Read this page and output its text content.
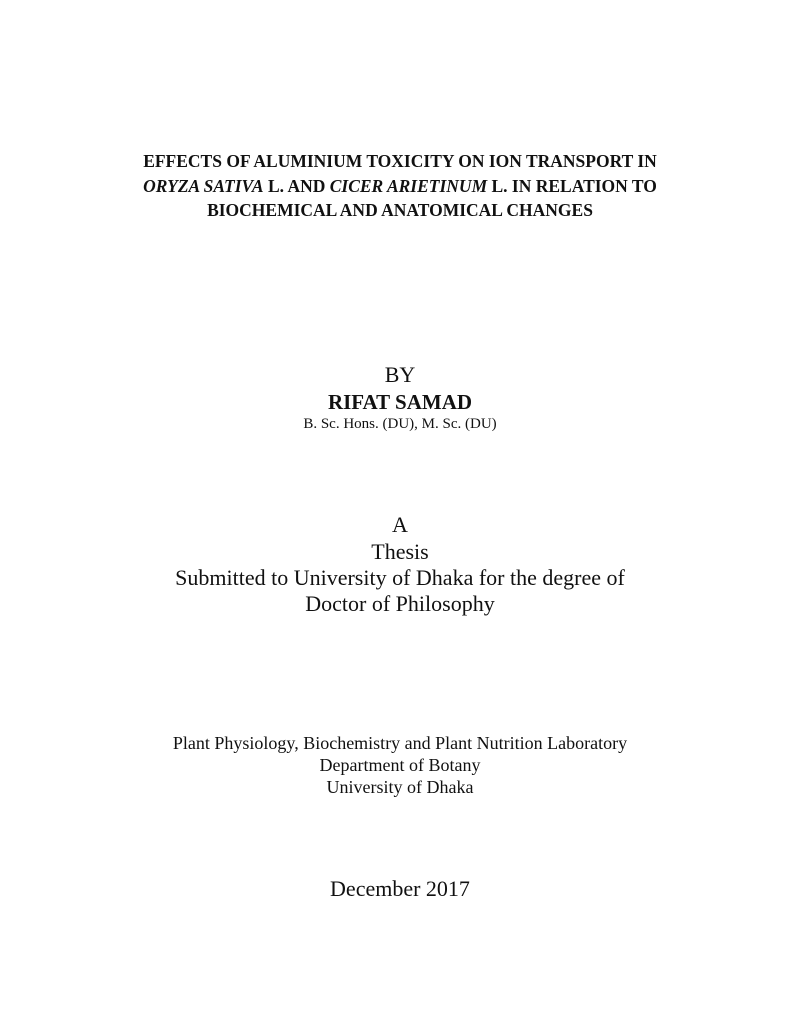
EFFECTS OF ALUMINIUM TOXICITY ON ION TRANSPORT IN
ORYZA SATIVA L. AND CICER ARIETINUM L. IN RELATION TO
BIOCHEMICAL AND ANATOMICAL CHANGES
BY
RIFAT SAMAD
B. Sc. Hons. (DU), M. Sc. (DU)
A
Thesis
Submitted to University of Dhaka for the degree of
Doctor of Philosophy
Plant Physiology, Biochemistry and Plant Nutrition Laboratory
Department of Botany
University of Dhaka
December 2017
